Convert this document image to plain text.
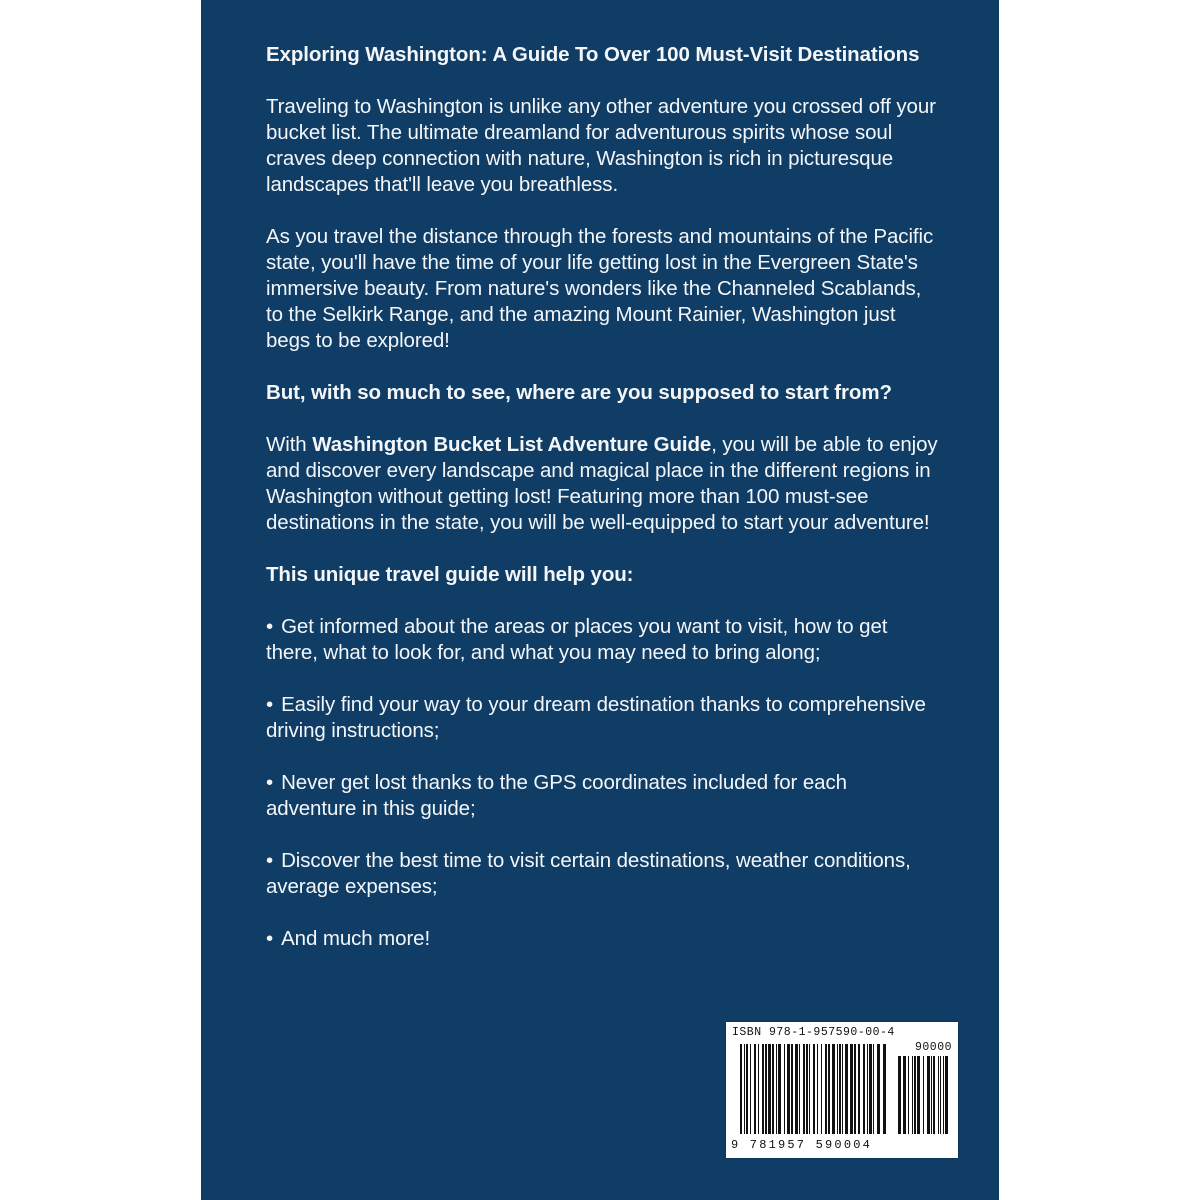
Exploring Washington: A Guide To Over 100 Must-Visit Destinations

Traveling to Washington is unlike any other adventure you crossed off your bucket list. The ultimate dreamland for adventurous spirits whose soul craves deep connection with nature, Washington is rich in picturesque landscapes that'll leave you breathless.

As you travel the distance through the forests and mountains of the Pacific state, you'll have the time of your life getting lost in the Evergreen State's immersive beauty. From nature's wonders like the Channeled Scablands, to the Selkirk Range, and the amazing Mount Rainier, Washington just begs to be explored!

But, with so much to see, where are you supposed to start from?

With Washington Bucket List Adventure Guide, you will be able to enjoy and discover every landscape and magical place in the different regions in Washington without getting lost! Featuring more than 100 must-see destinations in the state, you will be well-equipped to start your adventure!

This unique travel guide will help you:

• Get informed about the areas or places you want to visit, how to get there, what to look for, and what you may need to bring along;

• Easily find your way to your dream destination thanks to comprehensive driving instructions;

• Never get lost thanks to the GPS coordinates included for each adventure in this guide;

• Discover the best time to visit certain destinations, weather conditions, average expenses;

• And much more!

ISBN 978-1-957590-00-4
90000
9 781957 590004
